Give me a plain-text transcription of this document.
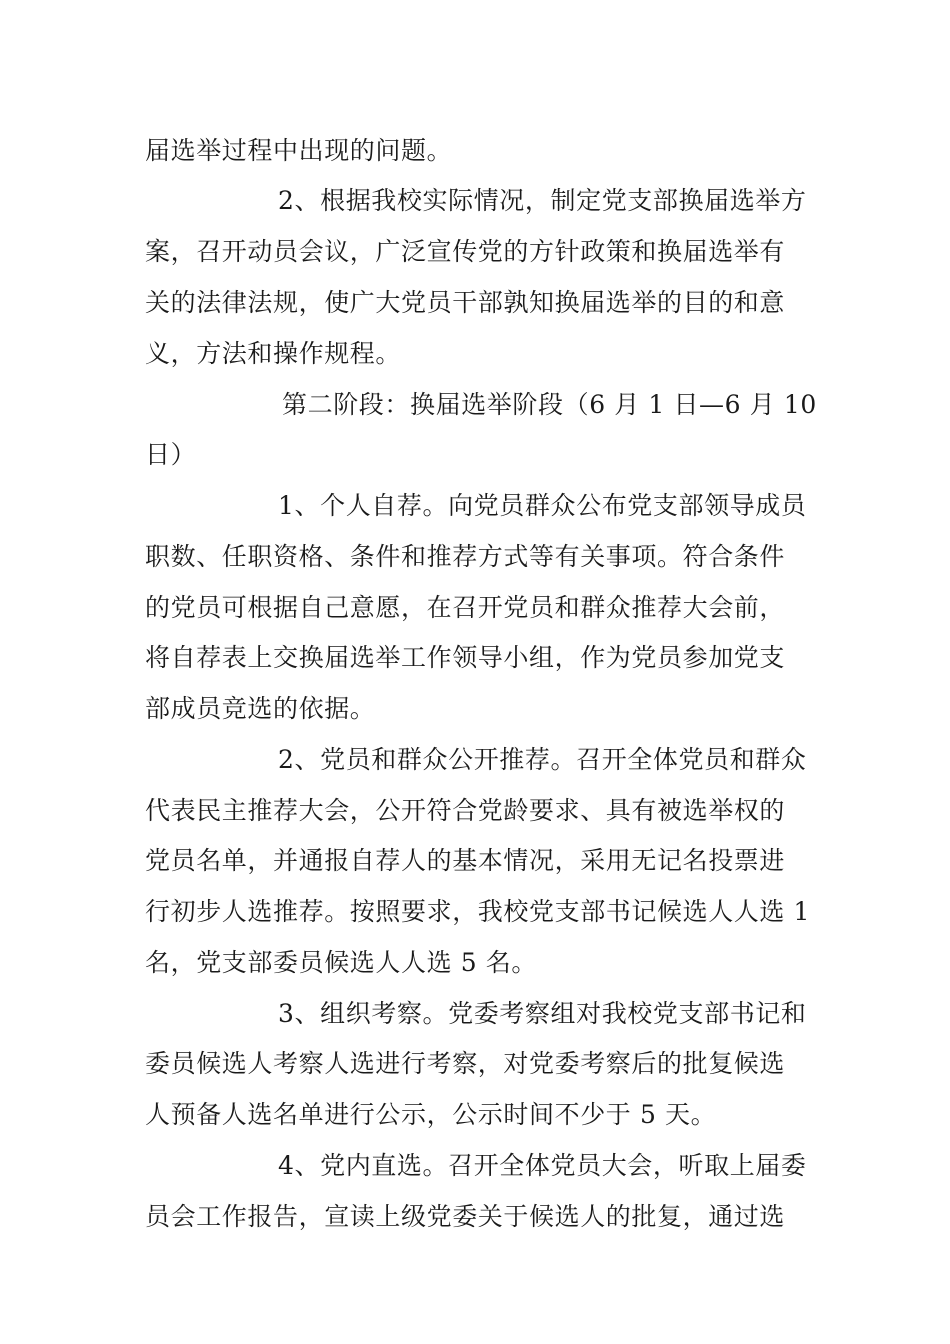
届选举过程中出现的问题。
2、根据我校实际情况，制定党支部换届选举方
案，召开动员会议，广泛宣传党的方针政策和换届选举有
关的法律法规，使广大党员干部孰知换届选举的目的和意
义，方法和操作规程。
第二阶段：换届选举阶段（6 月 1 日—6 月 10
日）
1、个人自荐。向党员群众公布党支部领导成员
职数、任职资格、条件和推荐方式等有关事项。符合条件
的党员可根据自己意愿，在召开党员和群众推荐大会前，
将自荐表上交换届选举工作领导小组，作为党员参加党支
部成员竞选的依据。
2、党员和群众公开推荐。召开全体党员和群众
代表民主推荐大会，公开符合党龄要求、具有被选举权的
党员名单，并通报自荐人的基本情况，采用无记名投票进
行初步人选推荐。按照要求，我校党支部书记候选人人选 1
名，党支部委员候选人人选 5 名。
3、组织考察。党委考察组对我校党支部书记和
委员候选人考察人选进行考察，对党委考察后的批复候选
人预备人选名单进行公示，公示时间不少于 5 天。
4、党内直选。召开全体党员大会，听取上届委
员会工作报告，宣读上级党委关于候选人的批复，通过选
